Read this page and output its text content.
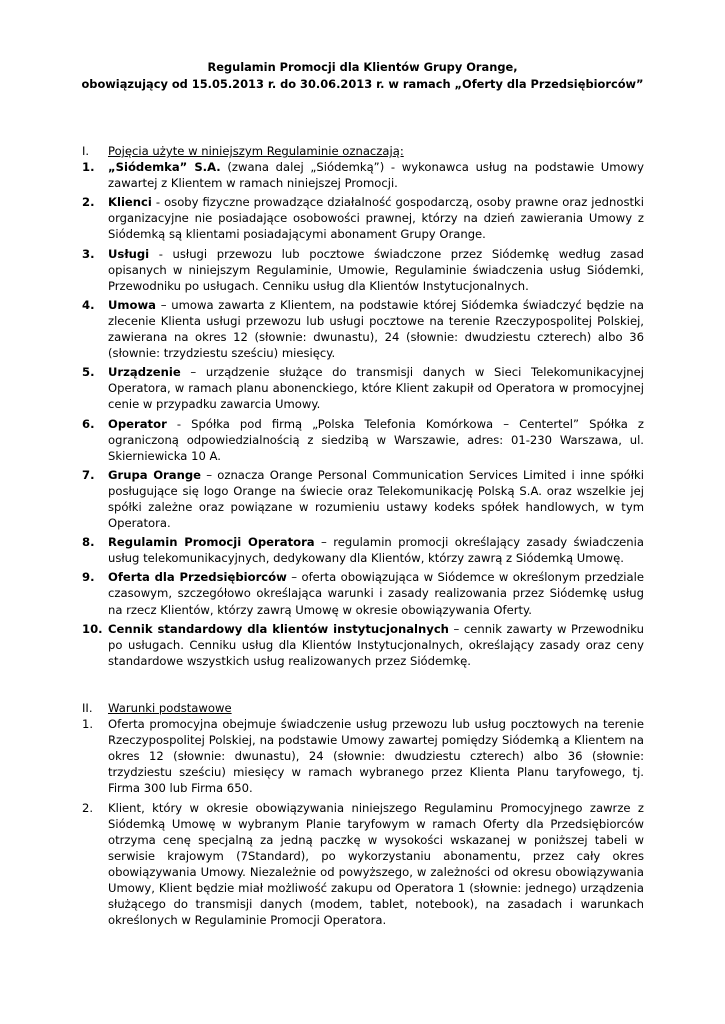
Regulamin Promocji dla Klientów Grupy Orange,
obowiązujący od 15.05.2013 r. do 30.06.2013 r. w ramach „Oferty dla Przedsiębiorców”
I.	Pojęcia użyte w niniejszym Regulaminie oznaczają:
1.	„Siódemka” S.A. (zwana dalej „Siódemką”) - wykonawca usług na podstawie Umowy zawartej z Klientem w ramach niniejszej Promocji.
2.	Klienci - osoby fizyczne prowadzące działalność gospodarczą, osoby prawne oraz jednostki organizacyjne nie posiadające osobowości prawnej, którzy na dzień zawierania Umowy z Siódemką są klientami posiadającymi abonament Grupy Orange.
3.	Usługi - usługi przewozu lub pocztowe świadczone przez Siódemkę według zasad opisanych w niniejszym Regulaminie, Umowie, Regulaminie świadczenia usług Siódemki, Przewodniku po usługach. Cenniku usług dla Klientów Instytucjonalnych.
4.	Umowa – umowa zawarta z Klientem, na podstawie której Siódemka świadczyć będzie na zlecenie Klienta usługi przewozu lub usługi pocztowe na terenie Rzeczypospolitej Polskiej, zawierana na okres 12 (słownie: dwunastu), 24 (słownie: dwudziestu czterech) albo 36 (słownie: trzydziestu sześciu) miesięcy.
5.	Urządzenie – urządzenie służące do transmisji danych w Sieci Telekomunikacyjnej Operatora, w ramach planu abonenckiego, które Klient zakupił od Operatora w promocyjnej cenie w przypadku zawarcia Umowy.
6.	Operator - Spółka pod firmą „Polska Telefonia Komórkowa – Centertel” Spółka z ograniczoną odpowiedzialnością z siedzibą w Warszawie, adres: 01-230 Warszawa, ul. Skierniewicka 10 A.
7.	Grupa Orange – oznacza Orange Personal Communication Services Limited i inne spółki posługujące się logo Orange na świecie oraz Telekomunikację Polską S.A. oraz wszelkie jej spółki zależne oraz powiązane w rozumieniu ustawy kodeks spółek handlowych, w tym Operatora.
8.	Regulamin Promocji Operatora – regulamin promocji określający zasady świadczenia usług telekomunikacyjnych, dedykowany dla Klientów, którzy zawrą z Siódemką Umowę.
9.	Oferta dla Przedsiębiorców – oferta obowiązująca w Siódemce w określonym przedziale czasowym, szczegółowo określająca warunki i zasady realizowania przez Siódemkę usług na rzecz Klientów, którzy zawrą Umowę w okresie obowiązywania Oferty.
10. Cennik standardowy dla klientów instytucjonalnych – cennik zawarty w Przewodniku po usługach. Cenniku usług dla Klientów Instytucjonalnych, określający zasady oraz ceny standardowe wszystkich usług realizowanych przez Siódemkę.
II.	Warunki podstawowe
1.	Oferta promocyjna obejmuje świadczenie usług przewozu lub usług pocztowych na terenie Rzeczypospolitej Polskiej, na podstawie Umowy zawartej pomiędzy Siódemką a Klientem na okres 12 (słownie: dwunastu), 24 (słownie: dwudziestu czterech) albo 36 (słownie: trzydziestu sześciu) miesięcy w ramach wybranego przez Klienta Planu taryfowego, tj. Firma 300 lub Firma 650.
2.	Klient, który w okresie obowiązywania niniejszego Regulaminu Promocyjnego zawrze z Siódemką Umowę w wybranym Planie taryfowym w ramach Oferty dla Przedsiębiorców otrzyma cenę specjalną za jedną paczkę w wysokości wskazanej w poniższej tabeli w serwisie krajowym (7Standard), po wykorzystaniu abonamentu, przez cały okres obowiązywania Umowy. Niezależnie od powyższego, w zależności od okresu obowiązywania Umowy, Klient będzie miał możliwość zakupu od Operatora 1 (słownie: jednego) urządzenia służącego do transmisji danych (modem, tablet, notebook), na zasadach i warunkach określonych w Regulaminie Promocji Operatora.
